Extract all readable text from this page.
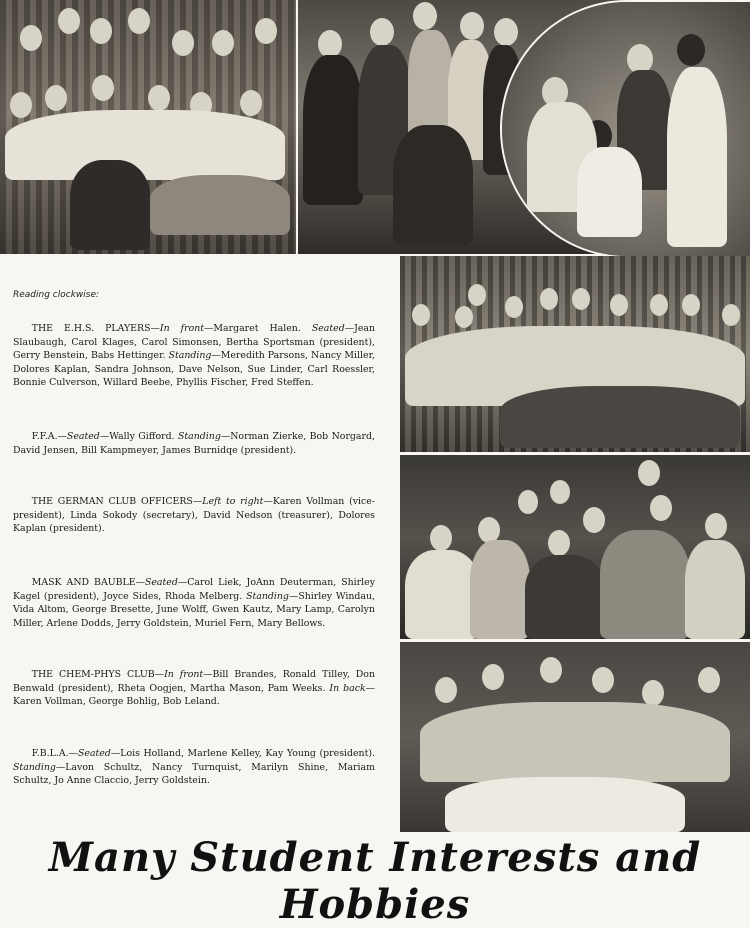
Reading clockwise:
  THE E.H.S. PLAYERS—In front—Margaret Halen. Seated—Jean Slaubaugh, Carol Klages, Carol Simonsen, Bertha Sportsman (president), Gerry Benstein, Babs Hettinger. Standing—Meredith Parsons, Nancy Miller, Dolores Kaplan, Sandra Johnson, Dave Nelson, Sue Linder, Carl Roessler, Bonnie Culverson, Willard Beebe, Phyllis Fischer, Fred Steffen.
  F.F.A.—Seated—Wally Gifford. Standing—Norman Zierke, Bob Norgard, David Jensen, Bill Kampmeyer, James Burnidqe (president).
  THE GERMAN CLUB OFFICERS—Left to right—Karen Vollman (vice-president), Linda Sokody (secretary), David Nedson (treasurer), Dolores Kaplan (president).
  MASK AND BAUBLE—Seated—Carol Liek, JoAnn Deuterman, Shirley Kagel (president), Joyce Sides, Rhoda Melberg. Standing—Shirley Windau, Vida Altom, George Bresette, June Wolff, Gwen Kautz, Mary Lamp, Carolyn Miller, Arlene Dodds, Jerry Goldstein, Muriel Fern, Mary Bellows.
  THE CHEM-PHYS CLUB—In front—Bill Brandes, Ronald Tilley, Don Benwald (president), Rheta Oogjen, Martha Mason, Pam Weeks. In back—Karen Vollman, George Bohlig, Bob Leland.
  F.B.L.A.—Seated—Lois Holland, Marlene Kelley, Kay Young (president). Standing—Lavon Schultz, Nancy Turnquist, Marilyn Shine, Mariam Schultz, Jo Anne Claccio, Jerry Goldstein.
Many Student Interests and Hobbies
